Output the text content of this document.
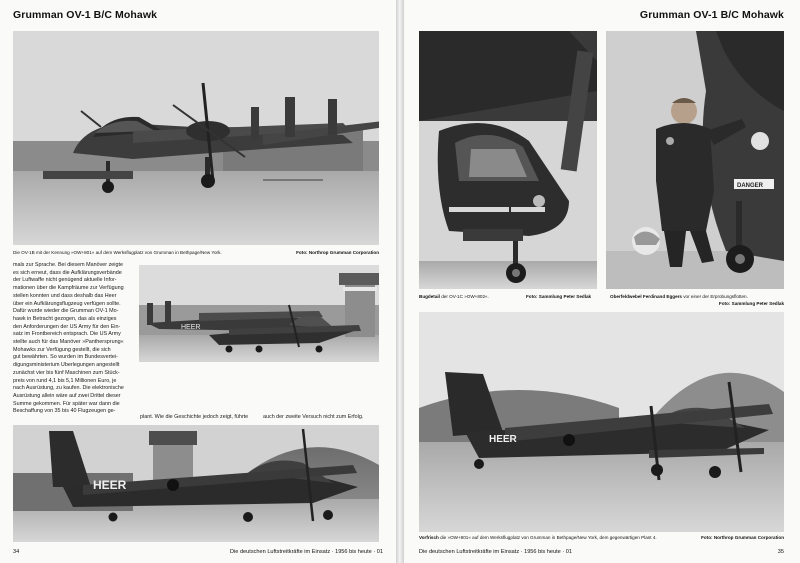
Grumman OV-1 B/C Mohawk
Die OV-1B mit der Kennung »OW+801« auf dem Werksflugplatz von Grumman in Bethpage/New York.	Foto: Northrop Grumman Corporation
mals zur Sprache. Bei diesem Manöver zeigte
es sich erneut, dass die Aufklärungsverbände
der Luftwaffe nicht genügend aktuelle Infor-
mationen über die Kampfräume zur Verfügung
stellen konnten und dass deshalb das Heer
über ein Aufklärungsflugzeug verfügen sollte.
Dafür wurde wieder die Grumman OV-1 Mo-
hawk in Betracht gezogen, das als einziges
den Anforderungen der US Army für den Ein-
satz im Frontbereich entsprach. Die US Army
stellte auch für das Manöver »Panthersprung«
Mohawks zur Verfügung gestellt, die sich
gut bewährten. So wurden im Bundesvertei-
digungsministerium Überlegungen angestellt
zunächst vier bis fünf Maschinen zum Stück-
preis von rund 4,1 bis 5,1 Millionen Euro, je
nach Ausrüstung, zu kaufen. Die elektronische
Ausrüstung allein wäre auf zwei Drittel dieser
Summe gekommen. Für später war dann die
Beschaffung von 35 bis 40 Flugzeugen ge-
HEER
plant. Wie die Geschichte jedoch zeigt, führte	auch der zweite Versuch nicht zum Erfolg.
HEER
34	Die deutschen Luftstreitkräfte im Einsatz · 1956 bis heute · 01
Grumman OV-1 B/C Mohawk
Bugdetail der OV-1C »OW+802«.	Foto: Sammlung Peter Sedlak
DANGER
Oberfeldwebel Ferdinand Eggers vor einer der Erprobungsflotten.
Foto: Sammlung Peter Sedlak
HEER
Vorfrisch die »OW+801« auf dem Werksflugplatz von Grumman in Bethpage/New York, dem gegenwärtigen Plant 4.	Foto: Northrop Grumman Corporation
Die deutschen Luftstreitkräfte im Einsatz · 1956 bis heute · 01	35
